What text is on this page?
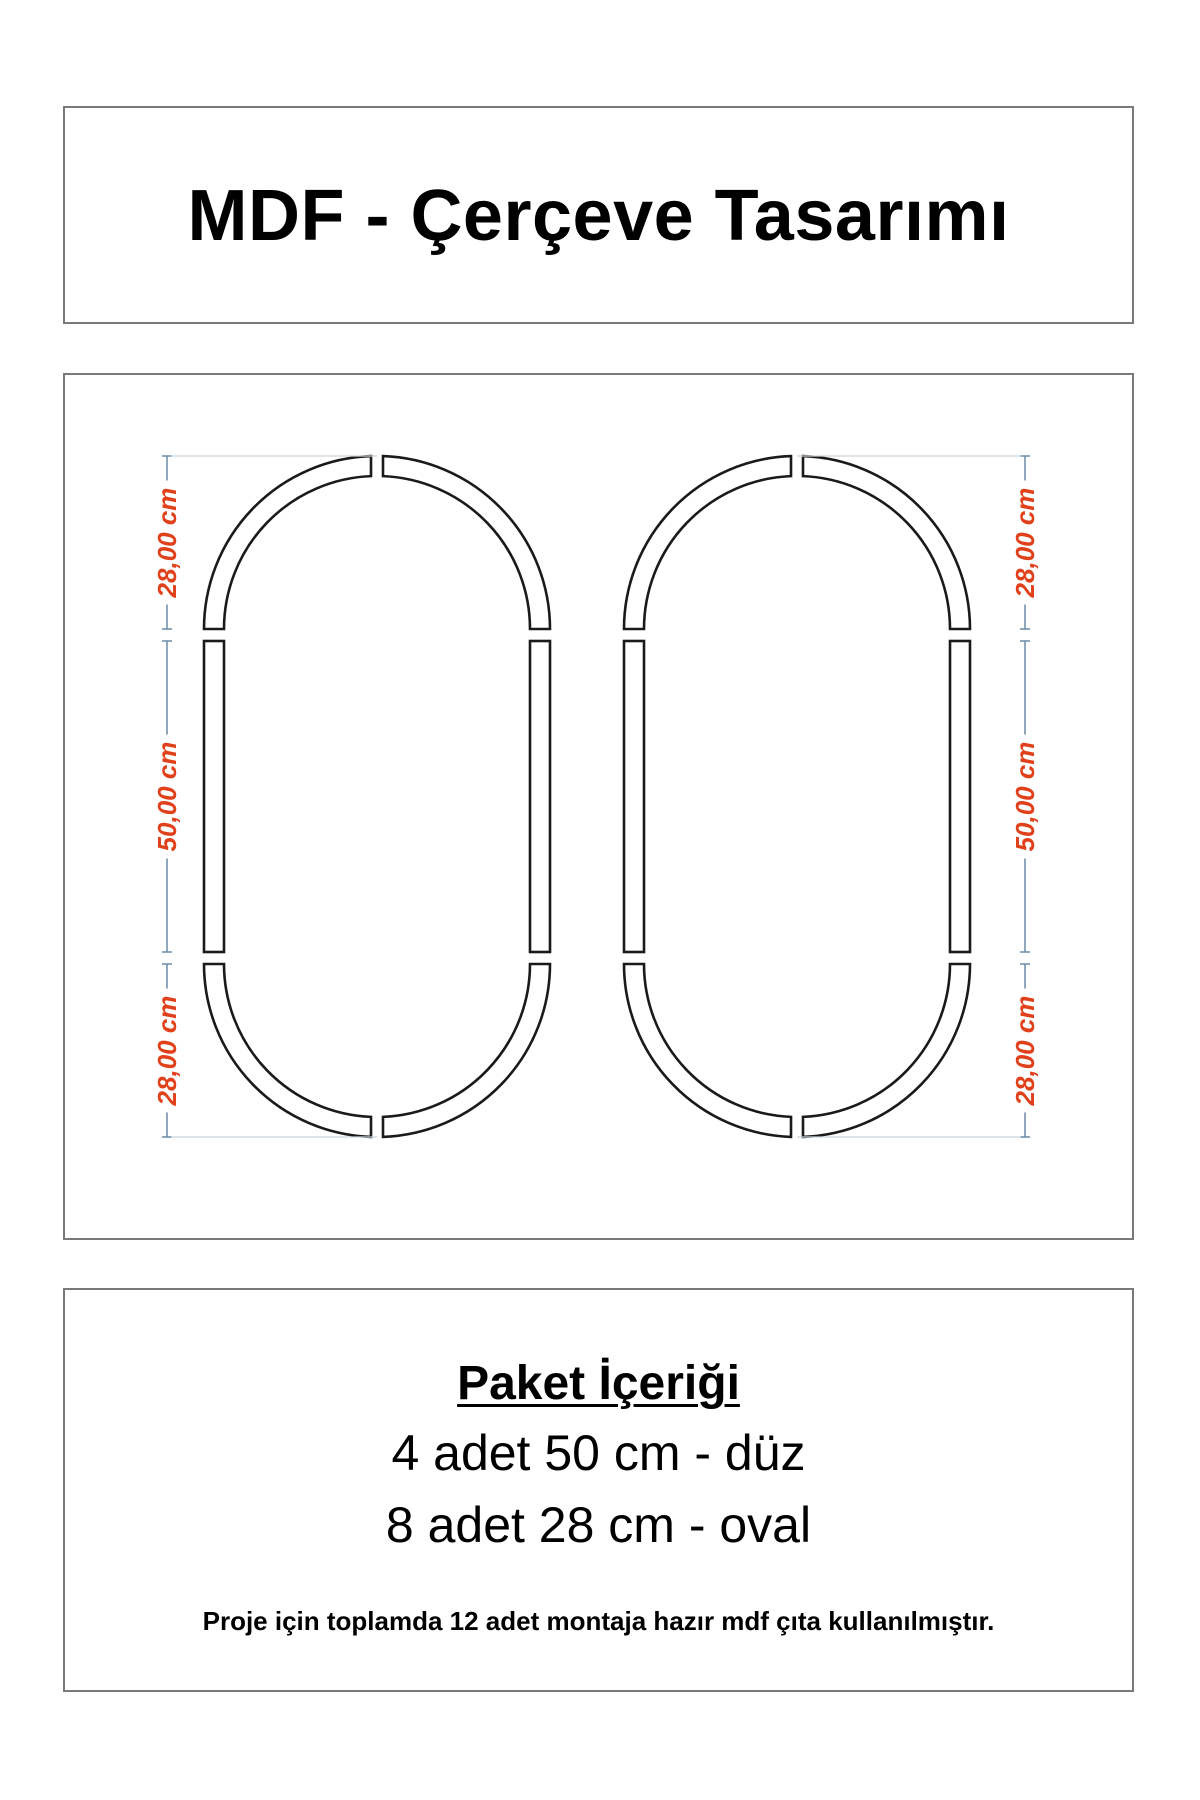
MDF - Çerçeve Tasarımı
28,00 cm
50,00 cm
28,00 cm
28,00 cm
50,00 cm
28,00 cm
Paket İçeriği
4 adet 50 cm - düz
8 adet 28 cm - oval
Proje için toplamda 12 adet montaja hazır mdf çıta kullanılmıştır.
